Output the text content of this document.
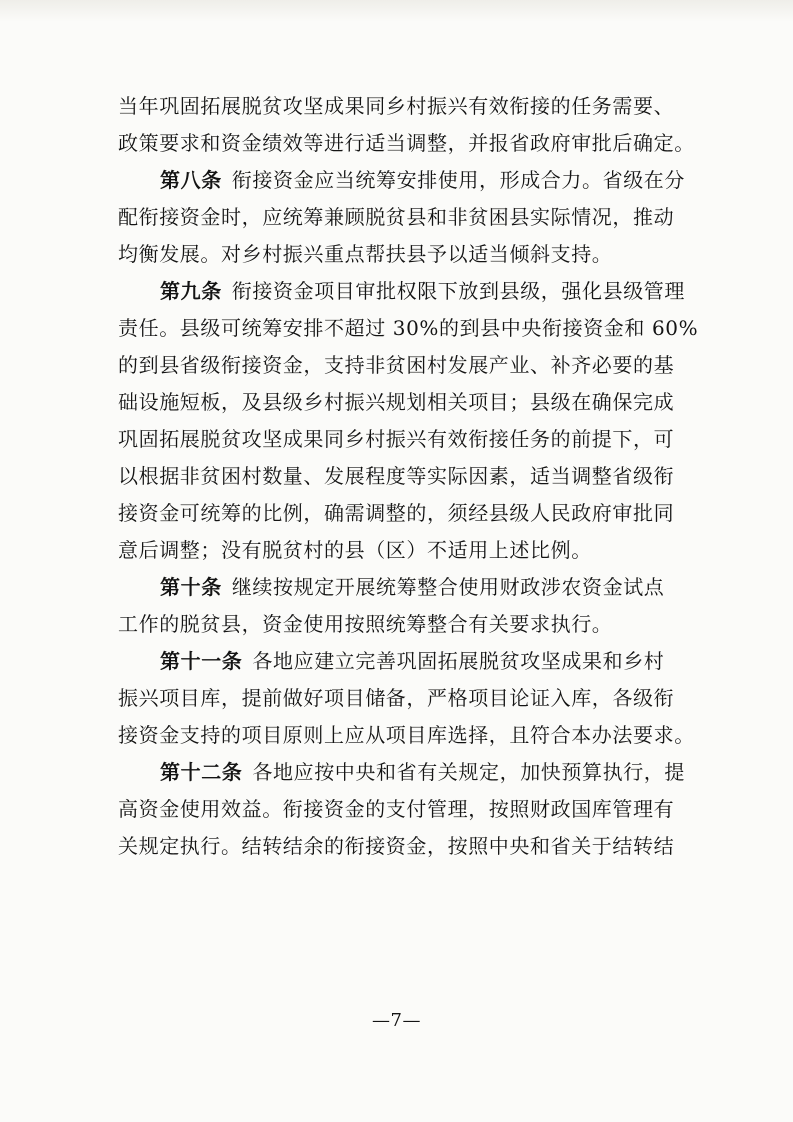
当年巩固拓展脱贫攻坚成果同乡村振兴有效衔接的任务需要、
政策要求和资金绩效等进行适当调整，并报省政府审批后确定。
第八条 衔接资金应当统筹安排使用，形成合力。省级在分
配衔接资金时，应统筹兼顾脱贫县和非贫困县实际情况，推动
均衡发展。对乡村振兴重点帮扶县予以适当倾斜支持。
第九条 衔接资金项目审批权限下放到县级，强化县级管理
责任。县级可统筹安排不超过 30%的到县中央衔接资金和 60%
的到县省级衔接资金，支持非贫困村发展产业、补齐必要的基
础设施短板，及县级乡村振兴规划相关项目；县级在确保完成
巩固拓展脱贫攻坚成果同乡村振兴有效衔接任务的前提下，可
以根据非贫困村数量、发展程度等实际因素，适当调整省级衔
接资金可统筹的比例，确需调整的，须经县级人民政府审批同
意后调整；没有脱贫村的县（区）不适用上述比例。
第十条 继续按规定开展统筹整合使用财政涉农资金试点
工作的脱贫县，资金使用按照统筹整合有关要求执行。
第十一条 各地应建立完善巩固拓展脱贫攻坚成果和乡村
振兴项目库，提前做好项目储备，严格项目论证入库，各级衔
接资金支持的项目原则上应从项目库选择，且符合本办法要求。
第十二条 各地应按中央和省有关规定，加快预算执行，提
高资金使用效益。衔接资金的支付管理，按照财政国库管理有
关规定执行。结转结余的衔接资金，按照中央和省关于结转结
—7—
